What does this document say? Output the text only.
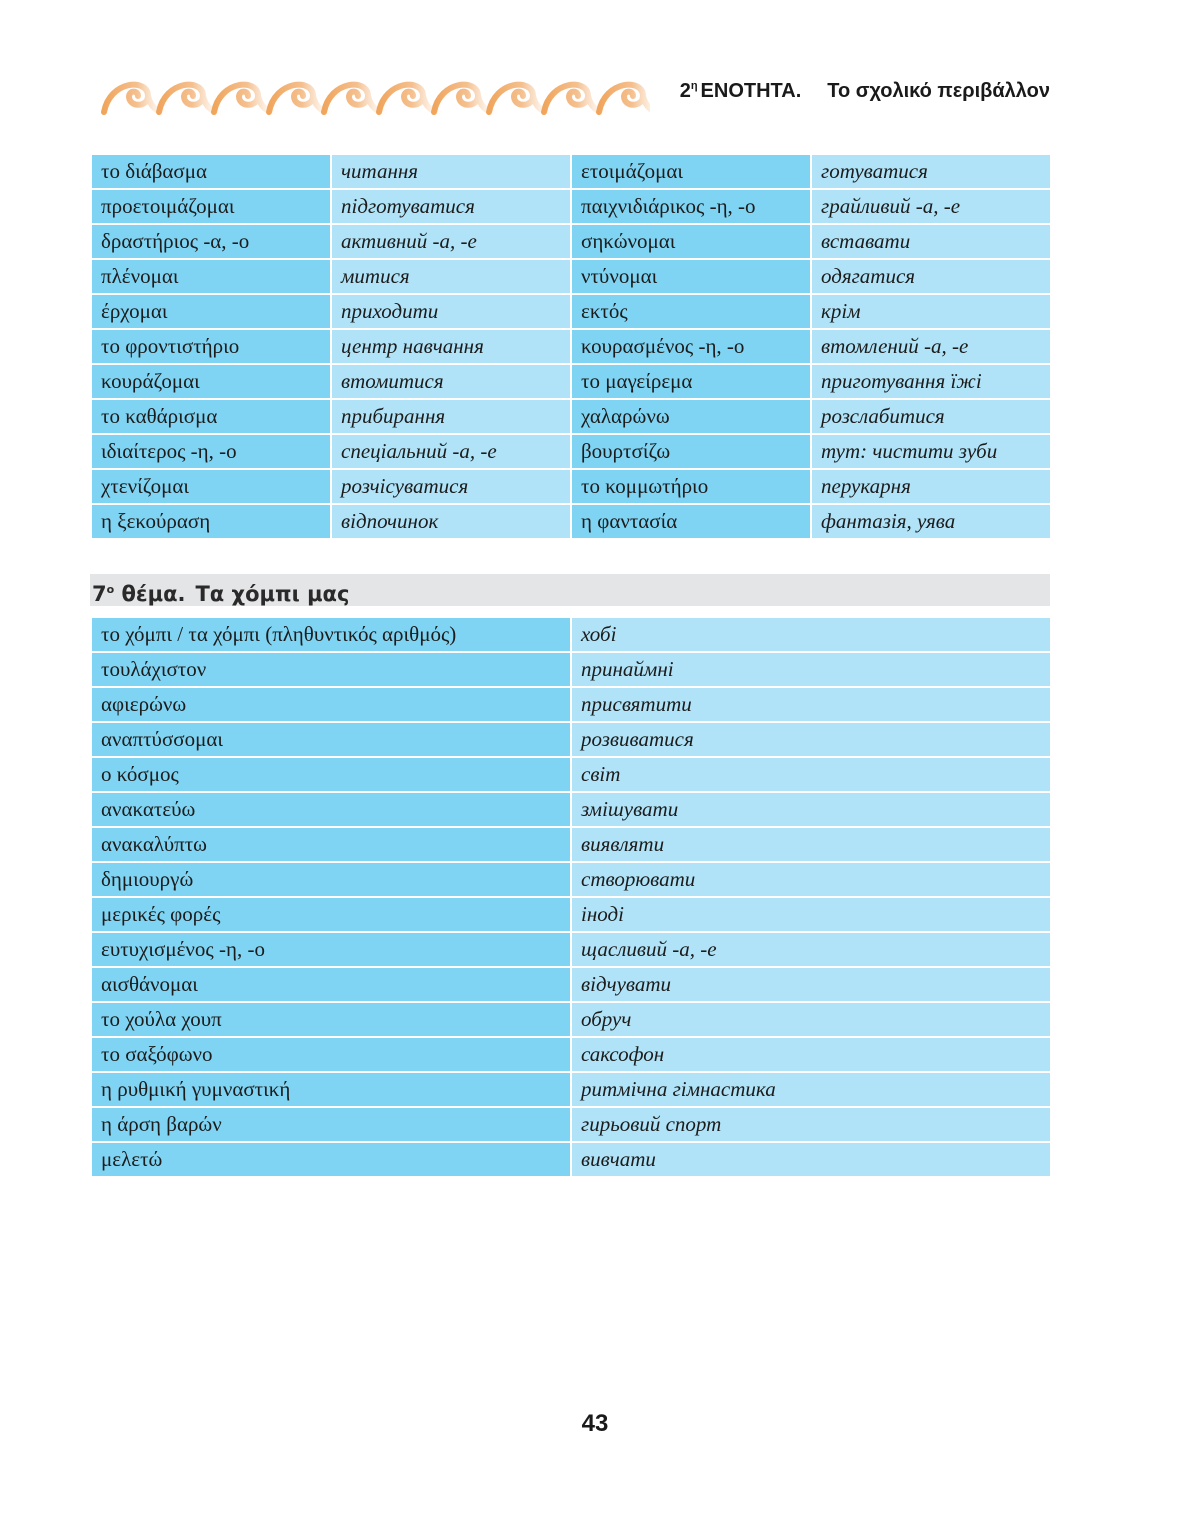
$2^\eta$ ΕΝΟΤΗΤΑ. Το σχολικό περιβάλλον
το διάβασμα	читання	ετοιμάζομαι	готуватися
προετοιμάζομαι	підготуватися	παιχνιδιάρικος -η, -ο	грайливий -а, -е
δραστήριος -α, -ο	активний -а, -е	σηκώνομαι	вставати
πλένομαι	митися	ντύνομαι	одягатися
έρχομαι	приходити	εκτός	крім
το φροντιστήριο	центр навчання	κουρασμένος -η, -ο	втомлений -а, -е
κουράζομαι	втомитися	το μαγείρεμα	приготування їжі
το καθάρισμα	прибирання	χαλαρώνω	розслабитися
ιδιαίτερος -η, -ο	спеціальний -а, -е	βουρτσίζω	тут: чистити зуби
χτενίζομαι	розчісуватися	το κομμωτήριο	перукарня
η ξεκούραση	відпочинок	η φαντασία	фантазія, уява
$7^o$ θέμα. Τα χόμπι μας
το χόμπι / τα χόμπι (πληθυντικός αριθμός)	хобі
τουλάχιστον	принаймні
αφιερώνω	присвятити
αναπτύσσομαι	розвиватися
ο κόσμος	світ
ανακατεύω	змішувати
ανακαλύπτω	виявляти
δημιουργώ	створювати
μερικές φορές	іноді
ευτυχισμένος -η, -ο	щасливий -а, -е
αισθάνομαι	відчувати
το χούλα χουπ	обруч
το σαξόφωνο	саксофон
η ρυθμική γυμναστική	ритмічна гімнастика
η άρση βαρών	гирьовий спорт
μελετώ	вивчати
43
